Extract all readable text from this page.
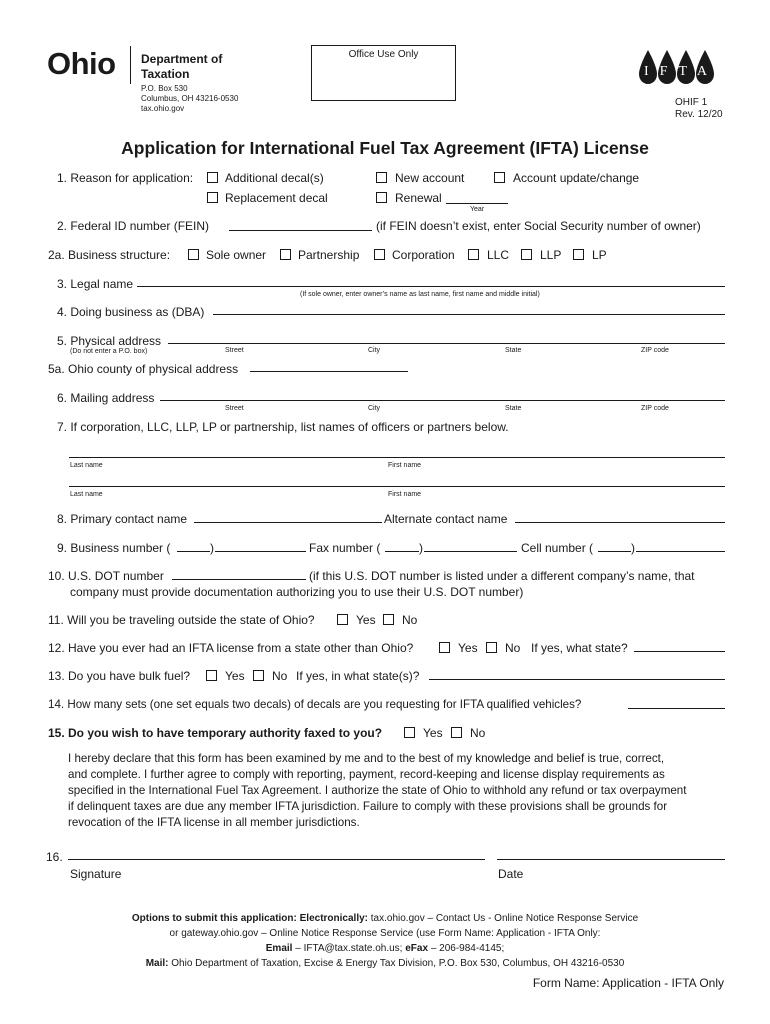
Ohio Department of
Taxation
P.O. Box 530
Columbus, OH 43216-0530
tax.ohio.gov
Office Use Only
IFTA
OHIF 1
Rev. 12/20
Application for International Fuel Tax Agreement (IFTA) License
1. Reason for application:	Additional decal(s)	New account	Account update/change
Replacement decal	Renewal
Year
2. Federal ID number (FEIN)	(if FEIN doesn’t exist, enter Social Security number of owner)
2a. Business structure:	Sole owner	Partnership	Corporation	LLC	LLP	LP
3. Legal name
(If sole owner, enter owner’s name as last name, first name and middle initial)
4. Doing business as (DBA)
5. Physical address
(Do not enter a P.O. box)	Street	City	State	ZIP code
5a. Ohio county of physical address
6. Mailing address
Street	City	State	ZIP code
7. If corporation, LLC, LLP, LP or partnership, list names of officers or partners below.
Last name	First name
Last name	First name
8. Primary contact name	Alternate contact name
9. Business number (	)	Fax number (	)	Cell number (	)
10. U.S. DOT number	(if this U.S. DOT number is listed under a different company’s name, that
company must provide documentation authorizing you to use their U.S. DOT number)
11. Will you be traveling outside the state of Ohio?	Yes No
12. Have you ever had an IFTA license from a state other than Ohio?	Yes No If yes, what state?
13. Do you have bulk fuel?	Yes No If yes, in what state(s)?
14. How many sets (one set equals two decals) of decals are you requesting for IFTA qualified vehicles?
15. Do you wish to have temporary authority faxed to you?	Yes No
I hereby declare that this form has been examined by me and to the best of my knowledge and belief is true, correct,
and complete. I further agree to comply with reporting, payment, record-keeping and license display requirements as
specified in the International Fuel Tax Agreement. I authorize the state of Ohio to withhold any refund or tax overpayment
if delinquent taxes are due any member IFTA jurisdiction. Failure to comply with these provisions shall be grounds for
revocation of the IFTA license in all member jurisdictions.
16.
Signature	Date
Options to submit this application: Electronically: tax.ohio.gov – Contact Us - Online Notice Response Service
or gateway.ohio.gov – Online Notice Response Service (use Form Name: Application - IFTA Only:
Email – IFTA@tax.state.oh.us; eFax – 206-984-4145;
Mail: Ohio Department of Taxation, Excise & Energy Tax Division, P.O. Box 530, Columbus, OH 43216-0530
Form Name: Application - IFTA Only
